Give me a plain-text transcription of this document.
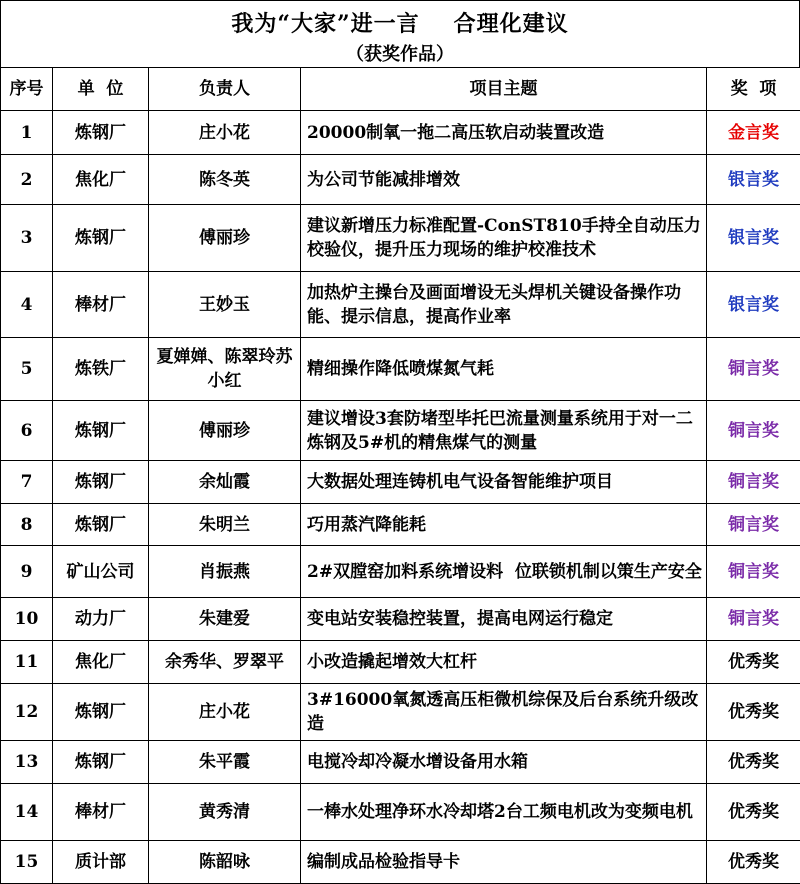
我为“大家”进一言 合理化建议
（获奖作品）
序号	单  位	负责人	项目主题	奖  项
1	炼钢厂	庄小花	20000制氧一拖二高压软启动装置改造	金言奖
2	焦化厂	陈冬英	为公司节能减排增效	银言奖
3	炼钢厂	傅丽珍	建议新增压力标准配置-ConST810手持全自动压力校验仪，提升压力现场的维护校准技术	银言奖
4	棒材厂	王妙玉	加热炉主操台及画面增设无头焊机关键设备操作功能、提示信息，提高作业率	银言奖
5	炼铁厂	夏婵婵、陈翠玲苏小红	精细操作降低喷煤氮气耗	铜言奖
6	炼钢厂	傅丽珍	建议增设3套防堵型毕托巴流量测量系统用于对一二炼钢及5#机的精焦煤气的测量	铜言奖
7	炼钢厂	余灿霞	大数据处理连铸机电气设备智能维护项目	铜言奖
8	炼钢厂	朱明兰	巧用蒸汽降能耗	铜言奖
9	矿山公司	肖振燕	2#双膛窑加料系统增设料  位联锁机制以策生产安全	铜言奖
10	动力厂	朱建爱	变电站安装稳控装置，提高电网运行稳定	铜言奖
11	焦化厂	余秀华、罗翠平	小改造撬起增效大杠杆	优秀奖
12	炼钢厂	庄小花	3#16000氧氮透高压柜微机综保及后台系统升级改造	优秀奖
13	炼钢厂	朱平霞	电搅冷却冷凝水增设备用水箱	优秀奖
14	棒材厂	黄秀清	一棒水处理净环水冷却塔2台工频电机改为变频电机	优秀奖
15	质计部	陈韶咏	编制成品检验指导卡	优秀奖
